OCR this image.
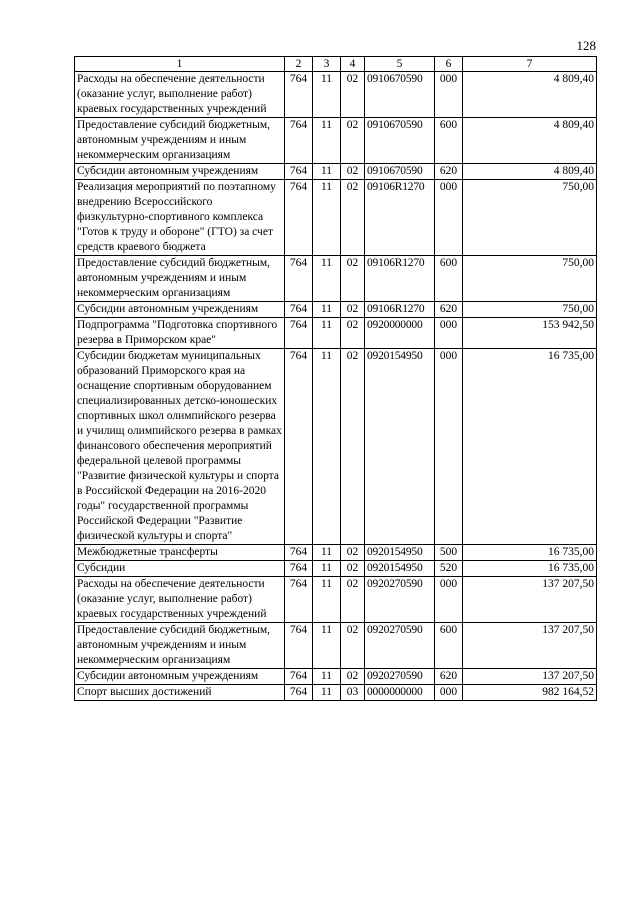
128
1	2	3	4	5	6	7
Расходы на обеспечение деятельности (оказание услуг, выполнение работ) краевых государственных учреждений	764	11	02	0910670590	000	4 809,40
Предоставление субсидий бюджетным, автономным учреждениям и иным некоммерческим организациям	764	11	02	0910670590	600	4 809,40
Субсидии автономным учреждениям	764	11	02	0910670590	620	4 809,40
Реализация мероприятий по поэтапному внедрению Всероссийского физкультурно-спортивного комплекса "Готов к труду и обороне" (ГТО) за счет средств краевого бюджета	764	11	02	09106R1270	000	750,00
Предоставление субсидий бюджетным, автономным учреждениям и иным некоммерческим организациям	764	11	02	09106R1270	600	750,00
Субсидии автономным учреждениям	764	11	02	09106R1270	620	750,00
Подпрограмма "Подготовка спортивного резерва в Приморском крае"	764	11	02	0920000000	000	153 942,50
Субсидии бюджетам муниципальных образований Приморского края на оснащение спортивным оборудованием специализированных детско-юношеских спортивных школ олимпийского резерва и училищ олимпийского резерва в рамках финансового обеспечения мероприятий федеральной целевой программы "Развитие физической культуры и спорта в Российской Федерации на 2016-2020 годы" государственной программы Российской Федерации "Развитие физической культуры и спорта"	764	11	02	0920154950	000	16 735,00
Межбюджетные трансферты	764	11	02	0920154950	500	16 735,00
Субсидии	764	11	02	0920154950	520	16 735,00
Расходы на обеспечение деятельности (оказание услуг, выполнение работ) краевых государственных учреждений	764	11	02	0920270590	000	137 207,50
Предоставление субсидий бюджетным, автономным учреждениям и иным некоммерческим организациям	764	11	02	0920270590	600	137 207,50
Субсидии автономным учреждениям	764	11	02	0920270590	620	137 207,50
Спорт высших достижений	764	11	03	0000000000	000	982 164,52
